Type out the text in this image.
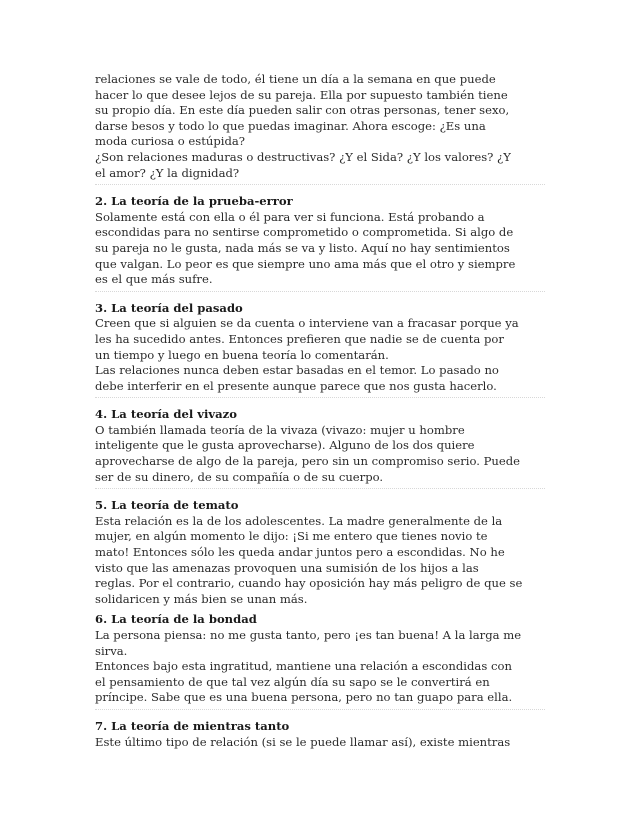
relaciones se vale de todo, él tiene un día a la semana en que puede
hacer lo que desee lejos de su pareja. Ella por supuesto también tiene
su propio día. En este día pueden salir con otras personas, tener sexo,
darse besos y todo lo que puedas imaginar. Ahora escoge: ¿Es una
moda curiosa o estúpida?
¿Son relaciones maduras o destructivas? ¿Y el Sida? ¿Y los valores? ¿Y
el amor? ¿Y la dignidad?
2. La teoría de la prueba-error
Solamente está con ella o él para ver si funciona. Está probando a
escondidas para no sentirse comprometido o comprometida. Si algo de
su pareja no le gusta, nada más se va y listo. Aquí no hay sentimientos
que valgan. Lo peor es que siempre uno ama más que el otro y siempre
es el que más sufre.
3. La teoría del pasado
Creen que si alguien se da cuenta o interviene van a fracasar porque ya
les ha sucedido antes. Entonces prefieren que nadie se de cuenta por
un tiempo y luego en buena teoría lo comentarán.
Las relaciones nunca deben estar basadas en el temor. Lo pasado no
debe interferir en el presente aunque parece que nos gusta hacerlo.
4. La teoría del vivazo
O también llamada teoría de la vivaza (vivazo: mujer u hombre
inteligente que le gusta aprovecharse). Alguno de los dos quiere
aprovecharse de algo de la pareja, pero sin un compromiso serio. Puede
ser de su dinero, de su compañía o de su cuerpo.
5. La teoría de temato
Esta relación es la de los adolescentes. La madre generalmente de la
mujer, en algún momento le dijo: ¡Si me entero que tienes novio te
mato! Entonces sólo les queda andar juntos pero a escondidas. No he
visto que las amenazas provoquen una sumisión de los hijos a las
reglas. Por el contrario, cuando hay oposición hay más peligro de que se
solidaricen y más bien se unan más.
6. La teoría de la bondad
La persona piensa: no me gusta tanto, pero ¡es tan buena! A la larga me
sirva.
Entonces bajo esta ingratitud, mantiene una relación a escondidas con
el pensamiento de que tal vez algún día su sapo se le convertirá en
príncipe. Sabe que es una buena persona, pero no tan guapo para ella.
7. La teoría de mientras tanto
Este último tipo de relación (si se le puede llamar así), existe mientras
